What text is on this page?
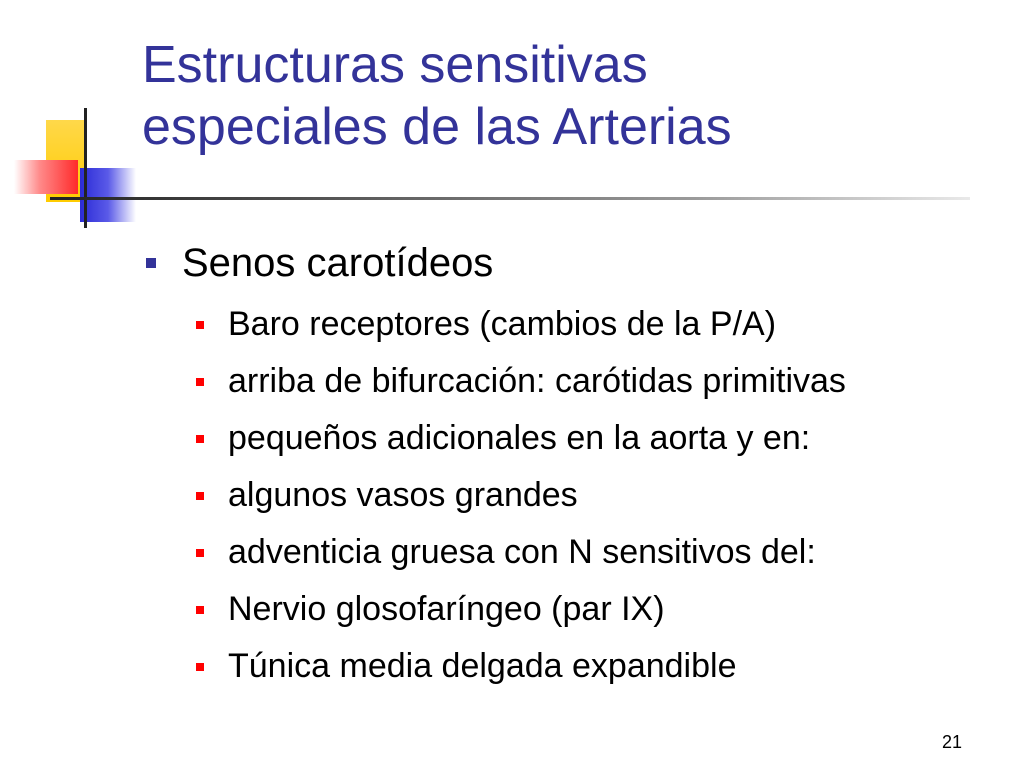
Estructuras sensitivas
especiales de las Arterias
Senos carotídeos
Baro receptores (cambios de la P/A)
arriba de bifurcación: carótidas primitivas
pequeños adicionales en la aorta y en:
algunos vasos grandes
adventicia gruesa con N sensitivos del:
Nervio glosofaríngeo (par IX)
Túnica media delgada expandible
21
